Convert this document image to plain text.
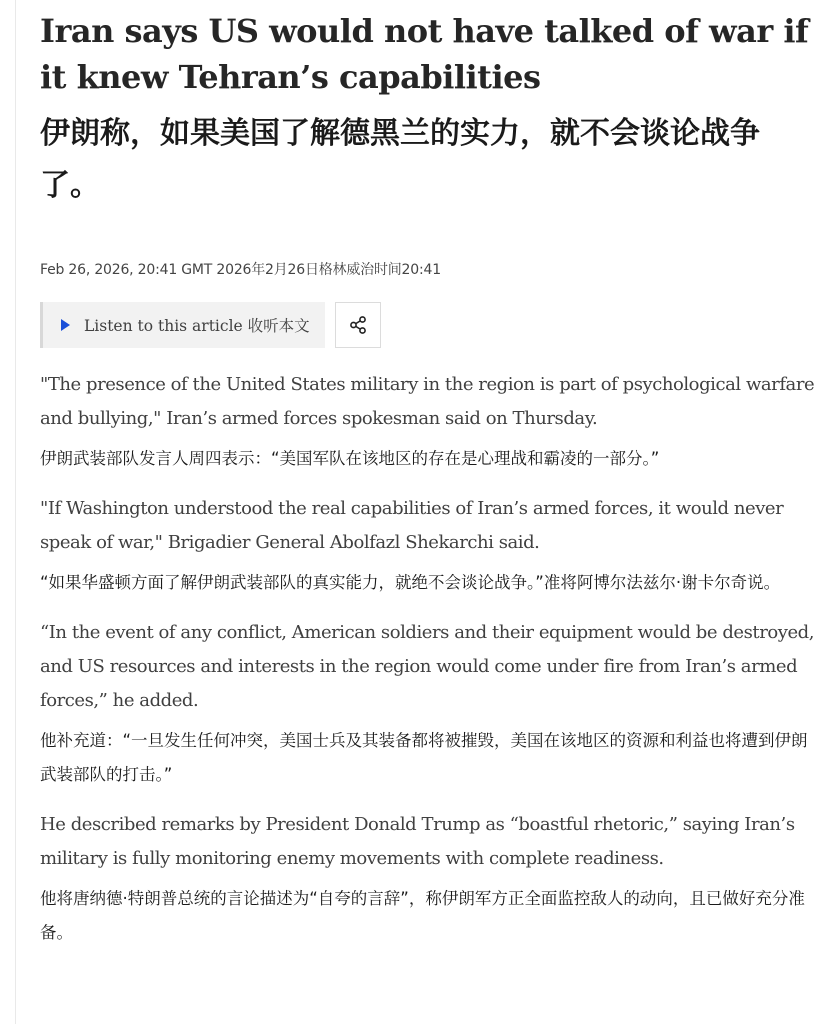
Iran says US would not have talked of war if it knew Tehran’s capabilities
伊朗称，如果美国了解德黑兰的实力，就不会谈论战争了。
Feb 26, 2026, 20:41 GMT 2026年2月26日格林威治时间20:41
Listen to this article 收听本文

"The presence of the United States military in the region is part of psychological warfare and bullying," Iran’s armed forces spokesman said on Thursday.

伊朗武装部队发言人周四表示：“美国军队在该地区的存在是心理战和霸凌的一部分。”

"If Washington understood the real capabilities of Iran’s armed forces, it would never speak of war," Brigadier General Abolfazl Shekarchi said.

“如果华盛顿方面了解伊朗武装部队的真实能力，就绝不会谈论战争。”准将阿博尔法兹尔·谢卡尔奇说。

“In the event of any conflict, American soldiers and their equipment would be destroyed, and US resources and interests in the region would come under fire from Iran’s armed forces,” he added.

他补充道：“一旦发生任何冲突，美国士兵及其装备都将被摧毁，美国在该地区的资源和利益也将遭到伊朗武装部队的打击。”

He described remarks by President Donald Trump as “boastful rhetoric,” saying Iran’s military is fully monitoring enemy movements with complete readiness.

他将唐纳德·特朗普总统的言论描述为“自夸的言辞”，称伊朗军方正全面监控敌人的动向，且已做好充分准备。
